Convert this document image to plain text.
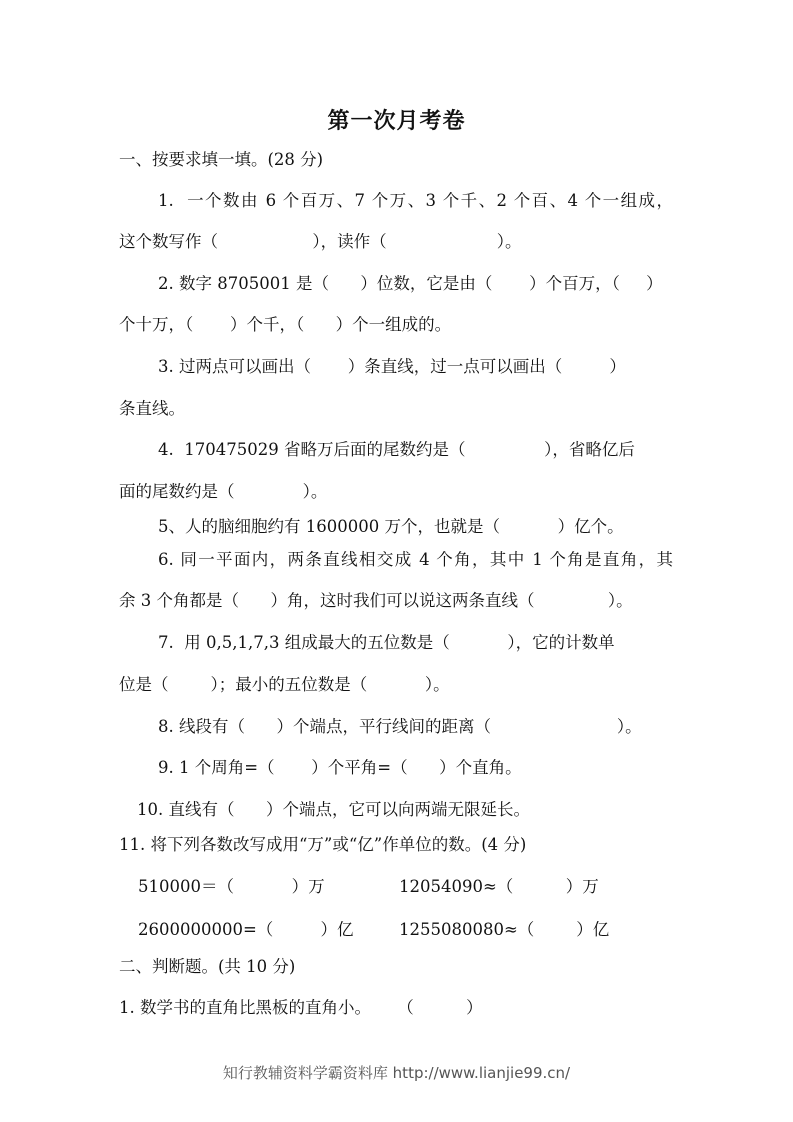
第一次月考卷
一、按要求填一填。(28 分)
1.  一个数由 6 个百万、7 个万、3 个千、2 个百、4 个一组成，
这个数写作（                  ），读作（                     ）。
2. 数字 8705001 是（      ）位数，它是由（       ）个百万，（     ）
个十万，（       ）个千，（      ）个一组成的。
3. 过两点可以画出（       ）条直线，过一点可以画出（         ）
条直线。
4.  170475029 省略万后面的尾数约是（               ），省略亿后
面的尾数约是（             ）。
5、人的脑细胞约有 1600000 万个，也就是（           ）亿个。
6. 同一平面内，两条直线相交成 4 个角，其中 1 个角是直角，其
余 3 个角都是（      ）角，这时我们可以说这两条直线（              ）。
7.  用 0,5,1,7,3 组成最大的五位数是（           ），它的计数单
位是（        ）；最小的五位数是（           ）。
8. 线段有（      ）个端点，平行线间的距离（                        ）。
9. 1 个周角=（       ）个平角=（      ）个直角。
10. 直线有（      ）个端点，它可以向两端无限延长。
11. 将下列各数改写成用“万”或“亿”作单位的数。(4 分)
510000＝（           ）万	12054090≈（          ）万
2600000000=（         ）亿	1255080080≈（        ）亿
二、判断题。(共 10 分)
1. 数学书的直角比黑板的直角小。     （          ）
知行教辅资料学霸资料库 http://www.lianjie99.cn/
